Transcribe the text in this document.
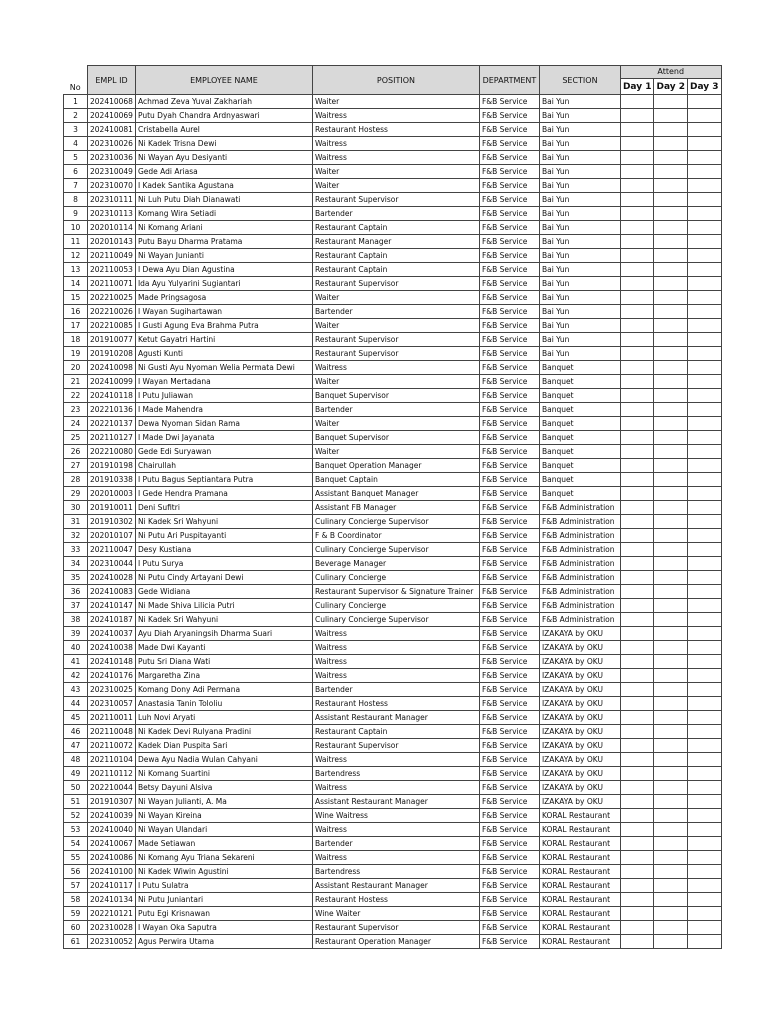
No	EMPL ID	EMPLOYEE NAME	POSITION	DEPARTMENT	SECTION	Attend		
						Day 1	Day 2	Day 3
1	202410068	Achmad Zeva Yuval Zakhariah	Waiter	F&B Service	Bai Yun			
2	202410069	Putu Dyah Chandra Ardnyaswari	Waitress	F&B Service	Bai Yun			
3	202410081	Cristabella Aurel	Restaurant Hostess	F&B Service	Bai Yun			
4	202310026	Ni Kadek Trisna Dewi	Waitress	F&B Service	Bai Yun			
5	202310036	Ni Wayan Ayu Desiyanti	Waitress	F&B Service	Bai Yun			
6	202310049	Gede Adi Ariasa	Waiter	F&B Service	Bai Yun			
7	202310070	I Kadek Santika Agustana	Waiter	F&B Service	Bai Yun			
8	202310111	Ni Luh Putu Diah Dianawati	Restaurant Supervisor	F&B Service	Bai Yun			
9	202310113	Komang Wira Setiadi	Bartender	F&B Service	Bai Yun			
10	202010114	Ni Komang Ariani	Restaurant Captain	F&B Service	Bai Yun			
11	202010143	Putu Bayu Dharma Pratama	Restaurant Manager	F&B Service	Bai Yun			
12	202110049	Ni Wayan Junianti	Restaurant Captain	F&B Service	Bai Yun			
13	202110053	I Dewa Ayu Dian Agustina	Restaurant Captain	F&B Service	Bai Yun			
14	202110071	Ida Ayu Yulyarini Sugiantari	Restaurant Supervisor	F&B Service	Bai Yun			
15	202210025	Made Pringsagosa	Waiter	F&B Service	Bai Yun			
16	202210026	I Wayan Sugihartawan	Bartender	F&B Service	Bai Yun			
17	202210085	I Gusti Agung Eva Brahma Putra	Waiter	F&B Service	Bai Yun			
18	201910077	Ketut Gayatri Hartini	Restaurant Supervisor	F&B Service	Bai Yun			
19	201910208	Agusti Kunti	Restaurant Supervisor	F&B Service	Bai Yun			
20	202410098	Ni Gusti Ayu Nyoman Welia Permata Dewi	Waitress	F&B Service	Banquet			
21	202410099	I Wayan Mertadana	Waiter	F&B Service	Banquet			
22	202410118	I Putu Juliawan	Banquet Supervisor	F&B Service	Banquet			
23	202210136	I Made Mahendra	Bartender	F&B Service	Banquet			
24	202210137	Dewa Nyoman Sidan Rama	Waiter	F&B Service	Banquet			
25	202110127	I Made Dwi Jayanata	Banquet Supervisor	F&B Service	Banquet			
26	202210080	Gede Edi Suryawan	Waiter	F&B Service	Banquet			
27	201910198	Chairullah	Banquet Operation Manager	F&B Service	Banquet			
28	201910338	I Putu Bagus Septiantara Putra	Banquet Captain	F&B Service	Banquet			
29	202010003	I Gede Hendra Pramana	Assistant Banquet Manager	F&B Service	Banquet			
30	201910011	Deni Sufitri	Assistant FB Manager	F&B Service	F&B Administration			
31	201910302	Ni Kadek Sri Wahyuni	Culinary Concierge Supervisor	F&B Service	F&B Administration			
32	202010107	Ni Putu Ari Puspitayanti	F & B Coordinator	F&B Service	F&B Administration			
33	202110047	Desy Kustiana	Culinary Concierge Supervisor	F&B Service	F&B Administration			
34	202310044	I Putu Surya	Beverage Manager	F&B Service	F&B Administration			
35	202410028	Ni Putu Cindy Artayani Dewi	Culinary Concierge	F&B Service	F&B Administration			
36	202410083	Gede Widiana	Restaurant Supervisor & Signature Trainer	F&B Service	F&B Administration			
37	202410147	Ni Made Shiva Lilicia Putri	Culinary Concierge	F&B Service	F&B Administration			
38	202410187	Ni Kadek Sri Wahyuni	Culinary Concierge Supervisor	F&B Service	F&B Administration			
39	202410037	Ayu Diah Aryaningsih Dharma Suari	Waitress	F&B Service	IZAKAYA by OKU			
40	202410038	Made Dwi Kayanti	Waitress	F&B Service	IZAKAYA by OKU			
41	202410148	Putu Sri Diana Wati	Waitress	F&B Service	IZAKAYA by OKU			
42	202410176	Margaretha Zina	Waitress	F&B Service	IZAKAYA by OKU			
43	202310025	Komang Dony Adi Permana	Bartender	F&B Service	IZAKAYA by OKU			
44	202310057	Anastasia Tanin Tololiu	Restaurant Hostess	F&B Service	IZAKAYA by OKU			
45	202110011	Luh Novi Aryati	Assistant Restaurant Manager	F&B Service	IZAKAYA by OKU			
46	202110048	Ni Kadek Devi Rulyana Pradini	Restaurant Captain	F&B Service	IZAKAYA by OKU			
47	202110072	Kadek Dian Puspita Sari	Restaurant Supervisor	F&B Service	IZAKAYA by OKU			
48	202110104	Dewa Ayu Nadia Wulan Cahyani	Waitress	F&B Service	IZAKAYA by OKU			
49	202110112	Ni Komang Suartini	Bartendress	F&B Service	IZAKAYA by OKU			
50	202210044	Betsy Dayuni Alsiva	Waitress	F&B Service	IZAKAYA by OKU			
51	201910307	Ni Wayan Julianti, A. Ma	Assistant Restaurant Manager	F&B Service	IZAKAYA by OKU			
52	202410039	Ni Wayan Kireina	Wine Waitress	F&B Service	KORAL Restaurant			
53	202410040	Ni Wayan Ulandari	Waitress	F&B Service	KORAL Restaurant			
54	202410067	Made Setiawan	Bartender	F&B Service	KORAL Restaurant			
55	202410086	Ni Komang Ayu Triana Sekareni	Waitress	F&B Service	KORAL Restaurant			
56	202410100	Ni Kadek Wiwin Agustini	Bartendress	F&B Service	KORAL Restaurant			
57	202410117	I Putu Sulatra	Assistant Restaurant Manager	F&B Service	KORAL Restaurant			
58	202410134	Ni Putu Juniantari	Restaurant Hostess	F&B Service	KORAL Restaurant			
59	202210121	Putu Egi Krisnawan	Wine Waiter	F&B Service	KORAL Restaurant			
60	202310028	I Wayan Oka Saputra	Restaurant Supervisor	F&B Service	KORAL Restaurant			
61	202310052	Agus Perwira Utama	Restaurant Operation Manager	F&B Service	KORAL Restaurant			
